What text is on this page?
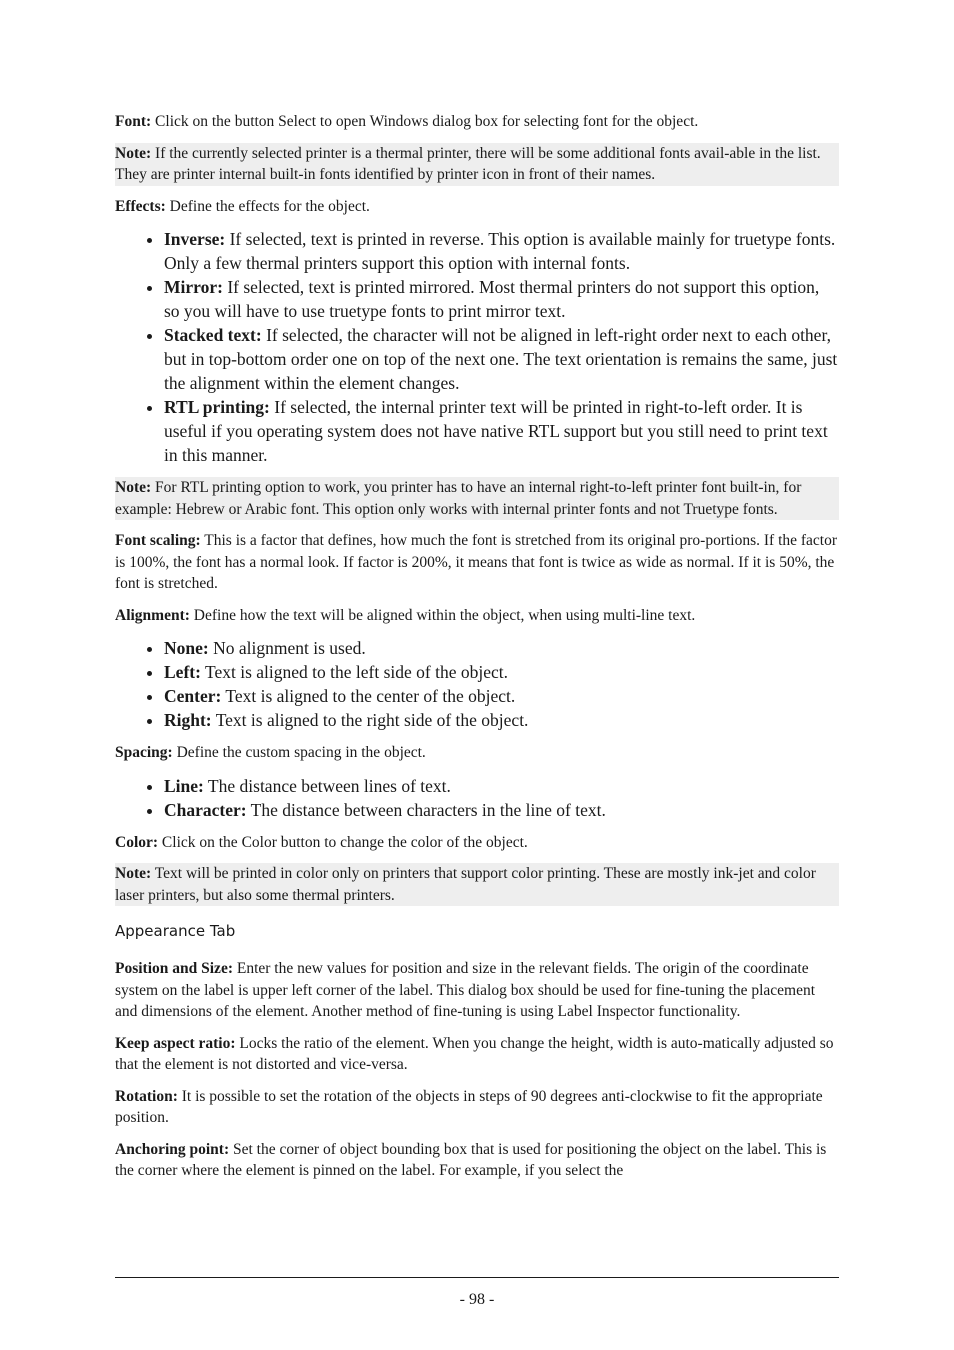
Font: Click on the button Select to open Windows dialog box for selecting font for the object.

Note: If the currently selected printer is a thermal printer, there will be some additional fonts avail-able in the list. They are printer internal built-in fonts identified by printer icon in front of their names.

Effects: Define the effects for the object.

Inverse: If selected, text is printed in reverse. This option is available mainly for truetype fonts. Only a few thermal printers support this option with internal fonts.
Mirror: If selected, text is printed mirrored. Most thermal printers do not support this option, so you will have to use truetype fonts to print mirror text.
Stacked text: If selected, the character will not be aligned in left-right order next to each other, but in top-bottom order one on top of the next one. The text orientation is remains the same, just the alignment within the element changes.
RTL printing: If selected, the internal printer text will be printed in right-to-left order. It is useful if you operating system does not have native RTL support but you still need to print text in this manner.
Note: For RTL printing option to work, you printer has to have an internal right-to-left printer font built-in, for example: Hebrew or Arabic font. This option only works with internal printer fonts and not Truetype fonts.

Font scaling: This is a factor that defines, how much the font is stretched from its original pro-portions. If the factor is 100%, the font has a normal look. If factor is 200%, it means that font is twice as wide as normal. If it is 50%, the font is stretched.

Alignment: Define how the text will be aligned within the object, when using multi-line text.

None: No alignment is used.
Left: Text is aligned to the left side of the object.
Center: Text is aligned to the center of the object.
Right: Text is aligned to the right side of the object.

Spacing: Define the custom spacing in the object.

Line: The distance between lines of text.
Character: The distance between characters in the line of text.

Color: Click on the Color button to change the color of the object.

Note: Text will be printed in color only on printers that support color printing. These are mostly ink-jet and color laser printers, but also some thermal printers.
Appearance Tab

Position and Size: Enter the new values for position and size in the relevant fields. The origin of the coordinate system on the label is upper left corner of the label. This dialog box should be used for fine-tuning the placement and dimensions of the element. Another method of fine-tuning is using Label Inspector functionality.

Keep aspect ratio: Locks the ratio of the element. When you change the height, width is auto-matically adjusted so that the element is not distorted and vice-versa.

Rotation: It is possible to set the rotation of the objects in steps of 90 degrees anti-clockwise to fit the appropriate position.

Anchoring point: Set the corner of object bounding box that is used for positioning the object on the label. This is the corner where the element is pinned on the label. For example, if you select the

- 98 -
